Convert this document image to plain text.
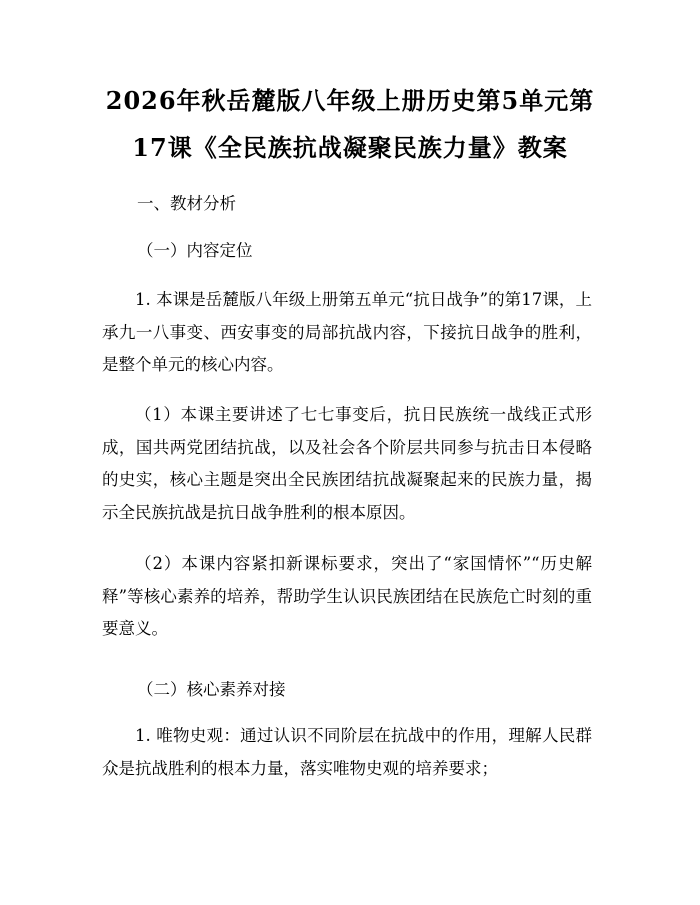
2026年秋岳麓版八年级上册历史第5单元第
17课《全民族抗战凝聚民族力量》教案
一、教材分析
（一）内容定位
1. 本课是岳麓版八年级上册第五单元“抗日战争”的第17课，上承九一八事变、西安事变的局部抗战内容，下接抗日战争的胜利，是整个单元的核心内容。
（1）本课主要讲述了七七事变后，抗日民族统一战线正式形成，国共两党团结抗战，以及社会各个阶层共同参与抗击日本侵略的史实，核心主题是突出全民族团结抗战凝聚起来的民族力量，揭示全民族抗战是抗日战争胜利的根本原因。
（2）本课内容紧扣新课标要求，突出了“家国情怀”“历史解释”等核心素养的培养，帮助学生认识民族团结在民族危亡时刻的重要意义。
（二）核心素养对接
1. 唯物史观：通过认识不同阶层在抗战中的作用，理解人民群众是抗战胜利的根本力量，落实唯物史观的培养要求；
